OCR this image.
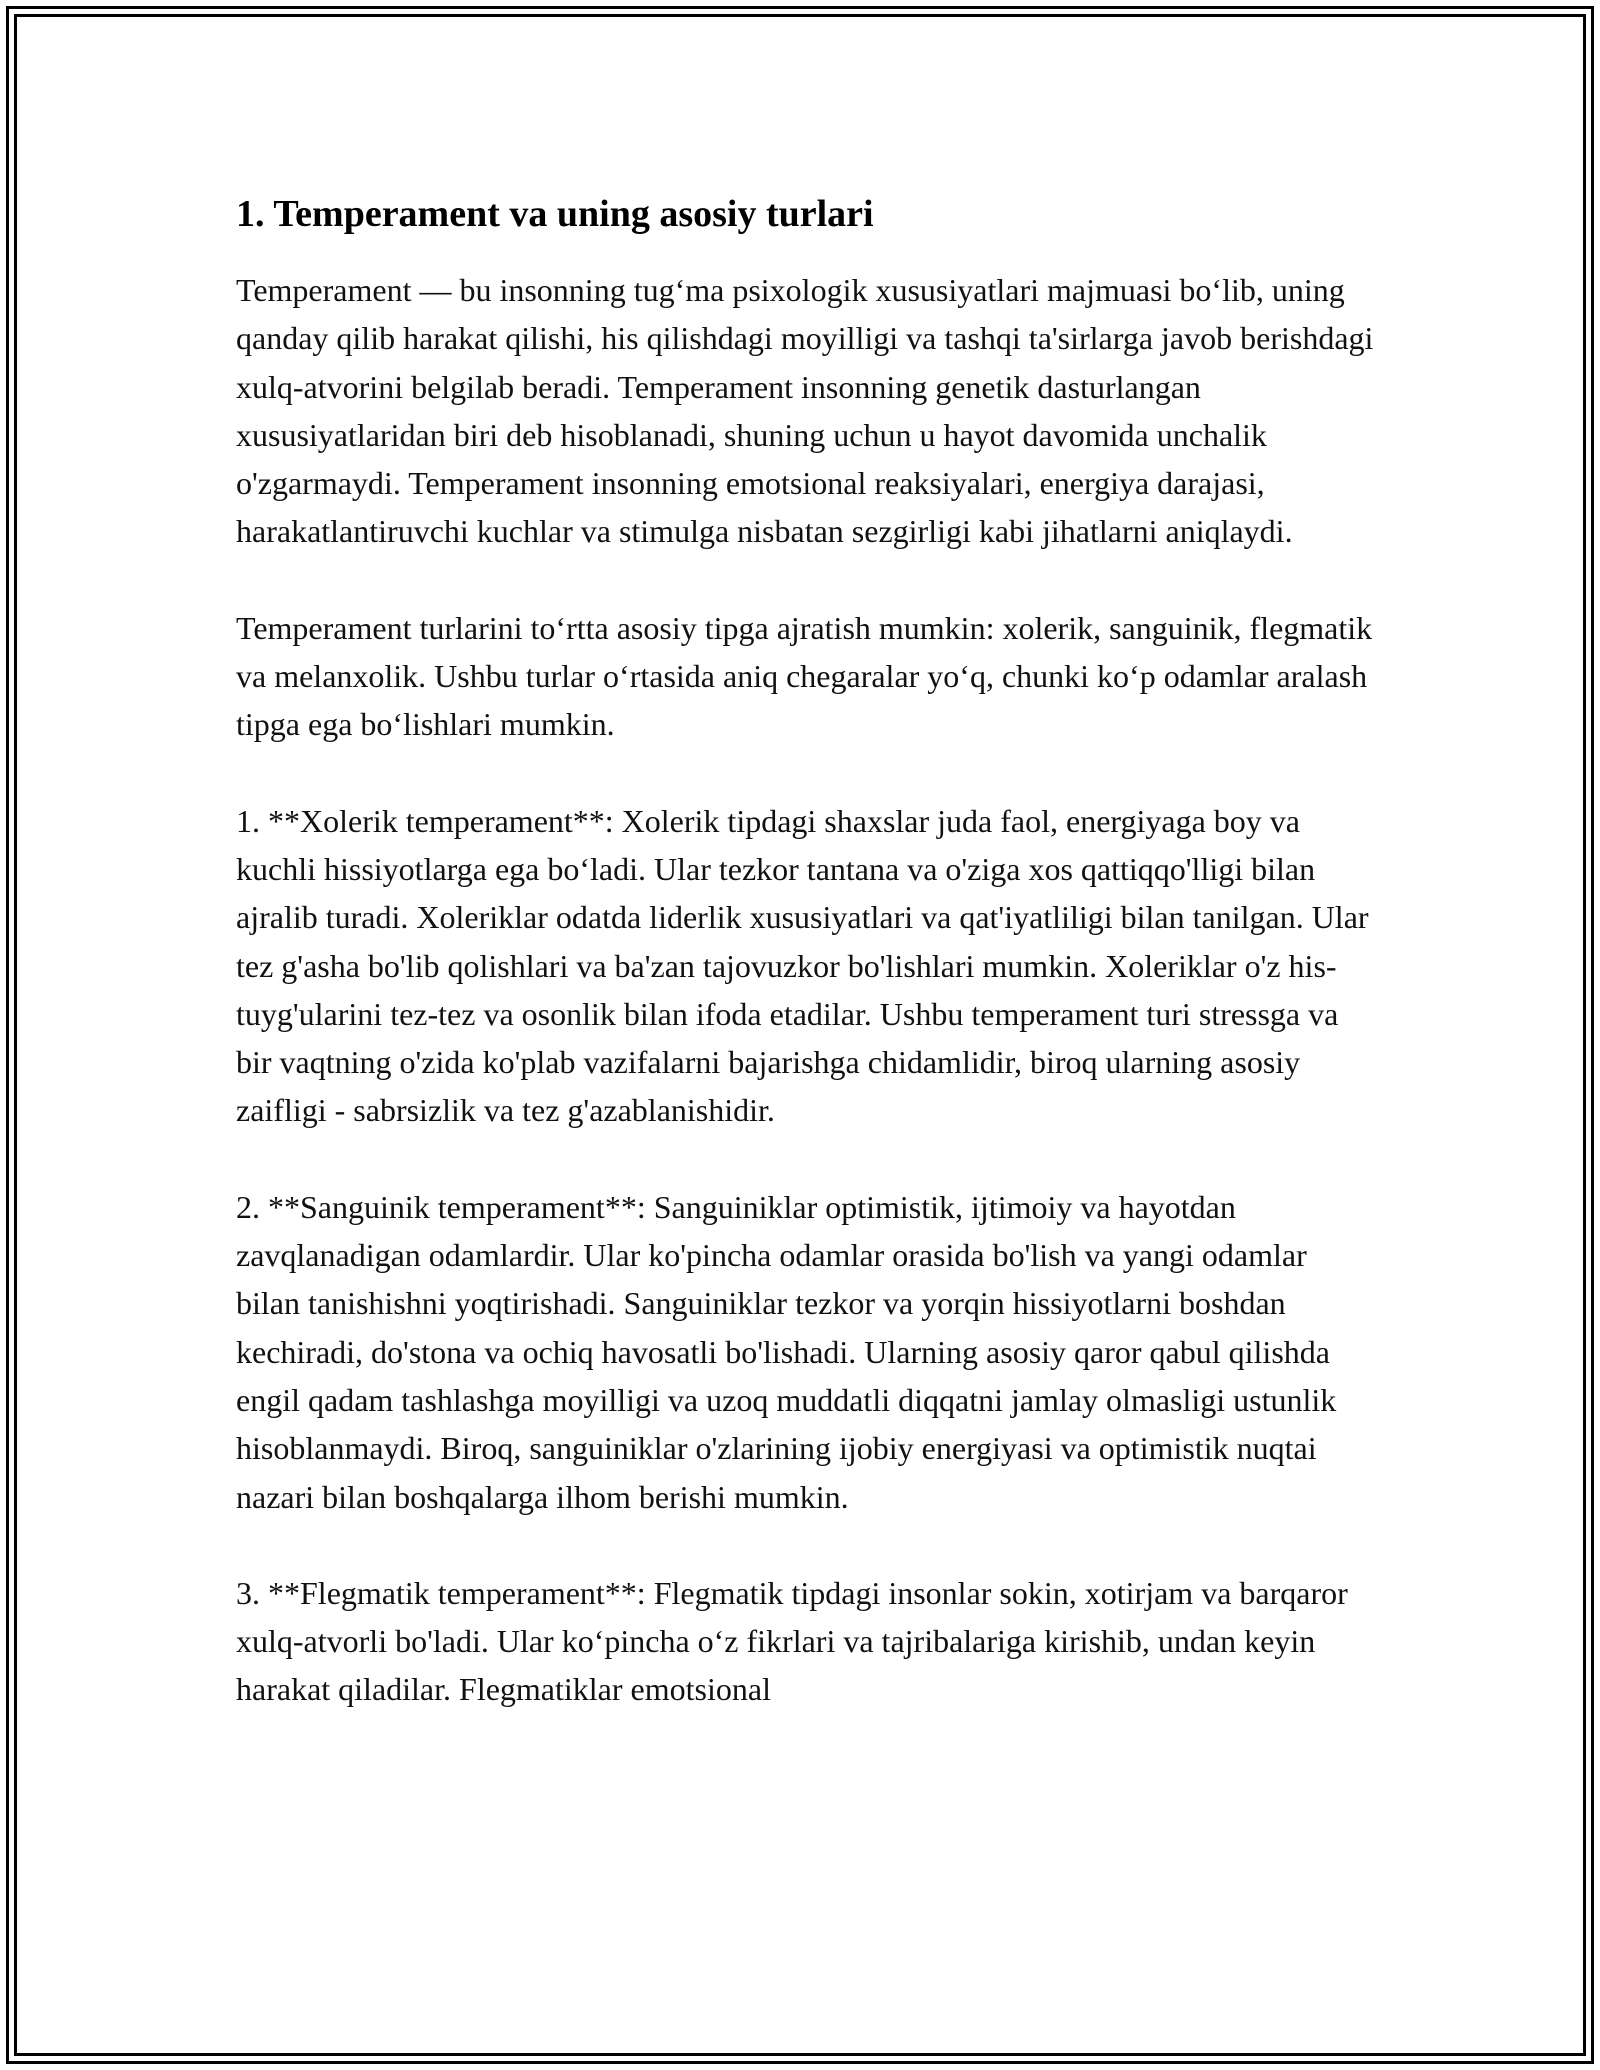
1. Temperament va uning asosiy turlari

Temperament — bu insonning tug‘ma psixologik xususiyatlari majmuasi bo‘lib, uning qanday qilib harakat qilishi, his qilishdagi moyilligi va tashqi ta'sirlarga javob berishdagi xulq-atvorini belgilab beradi. Temperament insonning genetik dasturlangan xususiyatlaridan biri deb hisoblanadi, shuning uchun u hayot davomida unchalik o'zgarmaydi. Temperament insonning emotsional reaksiyalari, energiya darajasi, harakatlantiruvchi kuchlar va stimulga nisbatan sezgirligi kabi jihatlarni aniqlaydi.

Temperament turlarini to‘rtta asosiy tipga ajratish mumkin: xolerik, sanguinik, flegmatik va melanxolik. Ushbu turlar o‘rtasida aniq chegaralar yo‘q, chunki ko‘p odamlar aralash tipga ega bo‘lishlari mumkin.

1. **Xolerik temperament**: Xolerik tipdagi shaxslar juda faol, energiyaga boy va kuchli hissiyotlarga ega bo‘ladi. Ular tezkor tantana va o'ziga xos qattiqqo'lligi bilan ajralib turadi. Xoleriklar odatda liderlik xususiyatlari va qat'iyatliligi bilan tanilgan. Ular tez g'asha bo'lib qolishlari va ba'zan tajovuzkor bo'lishlari mumkin. Xoleriklar o'z his-tuyg'ularini tez-tez va osonlik bilan ifoda etadilar. Ushbu temperament turi stressga va bir vaqtning o'zida ko'plab vazifalarni bajarishga chidamlidir, biroq ularning asosiy zaifligi - sabrsizlik va tez g'azablanishidir.

2. **Sanguinik temperament**: Sanguiniklar optimistik, ijtimoiy va hayotdan zavqlanadigan odamlardir. Ular ko'pincha odamlar orasida bo'lish va yangi odamlar bilan tanishishni yoqtirishadi. Sanguiniklar tezkor va yorqin hissiyotlarni boshdan kechiradi, do'stona va ochiq havosatli bo'lishadi. Ularning asosiy qaror qabul qilishda engil qadam tashlashga moyilligi va uzoq muddatli diqqatni jamlay olmasligi ustunlik hisoblanmaydi. Biroq, sanguiniklar o'zlarining ijobiy energiyasi va optimistik nuqtai nazari bilan boshqalarga ilhom berishi mumkin.

3. **Flegmatik temperament**: Flegmatik tipdagi insonlar sokin, xotirjam va barqaror xulq-atvorli bo'ladi. Ular ko‘pincha o‘z fikrlari va tajribalariga kirishib, undan keyin harakat qiladilar. Flegmatiklar emotsional
